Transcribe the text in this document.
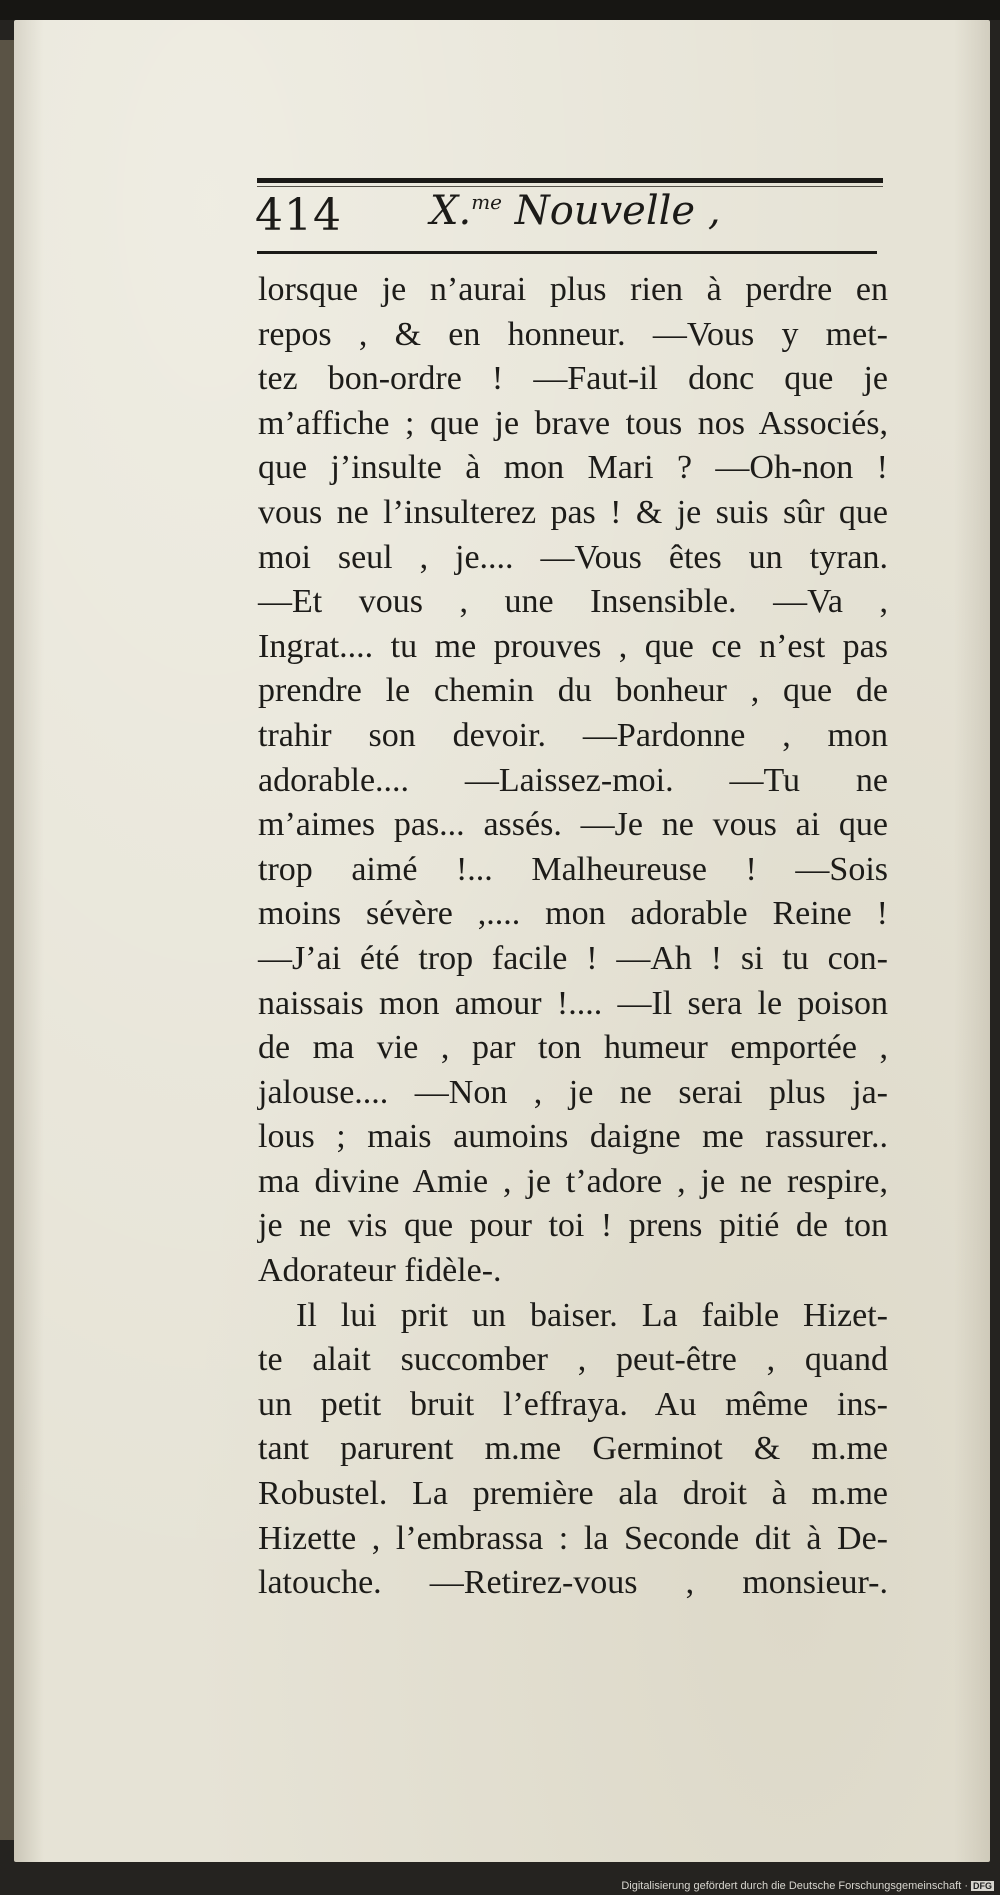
414 X.$^{me}$ Nouvelle ,
lorsque je n’aurai plus rien à perdre en
repos , & en honneur. —Vous y met-
tez bon-ordre ! —Faut-il donc que je
m’affiche ; que je brave tous nos Associés,
que j’insulte à mon Mari ? —Oh-non !
vous ne l’insulterez pas ! & je suis sûr que
moi seul , je.... —Vous êtes un tyran.
—Et vous , une Insensible. —Va ,
Ingrat.... tu me prouves , que ce n’est pas
prendre le chemin du bonheur , que de
trahir son devoir. —Pardonne , mon
adorable.... —Laissez-moi. —Tu ne
m’aimes pas... assés. —Je ne vous ai que
trop aimé !... Malheureuse ! —Sois
moins sévère ,.... mon adorable Reine !
—J’ai été trop facile ! —Ah ! si tu con-
naissais mon amour !.... —Il sera le poison
de ma vie , par ton humeur emportée ,
jalouse.... —Non , je ne serai plus ja-
lous ; mais aumoins daigne me rassurer..
ma divine Amie , je t’adore , je ne respire,
je ne vis que pour toi ! prens pitié de ton
Adorateur fidèle-.
Il lui prit un baiser. La faible Hizet-
te alait succomber , peut-être , quand
un petit bruit l’effraya. Au même ins-
tant parurent m.me Germinot & m.me
Robustel. La première ala droit à m.me
Hizette , l’embrassa : la Seconde dit à De-
latouche. —Retirez-vous , monsieur-.
Digitalisierung gefördert durch die Deutsche Forschungsgemeinschaft · DFG
